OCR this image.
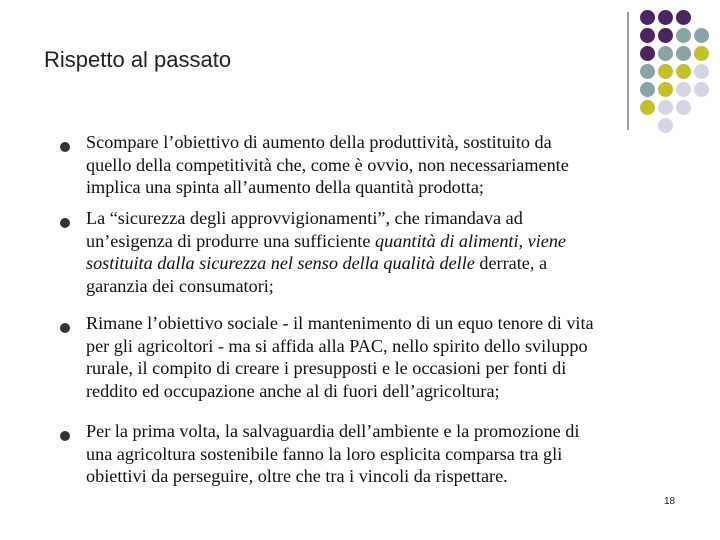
Rispetto al passato
Scompare l’obiettivo di aumento della produttività, sostituito da
quello della competitività che, come è ovvio, non necessariamente
implica una spinta all’aumento della quantità prodotta;
La “sicurezza degli approvvigionamenti”, che rimandava ad
un’esigenza di produrre una sufficiente quantità di alimenti, viene
sostituita dalla sicurezza nel senso della qualità delle derrate, a
garanzia dei consumatori;
Rimane l’obiettivo sociale - il mantenimento di un equo tenore di vita
per gli agricoltori - ma si affida alla PAC, nello spirito dello sviluppo
rurale, il compito di creare i presupposti e le occasioni per fonti di
reddito ed occupazione anche al di fuori dell’agricoltura;
Per la prima volta, la salvaguardia dell’ambiente e la promozione di
una agricoltura sostenibile fanno la loro esplicita comparsa tra gli
obiettivi da perseguire, oltre che tra i vincoli da rispettare.
18
